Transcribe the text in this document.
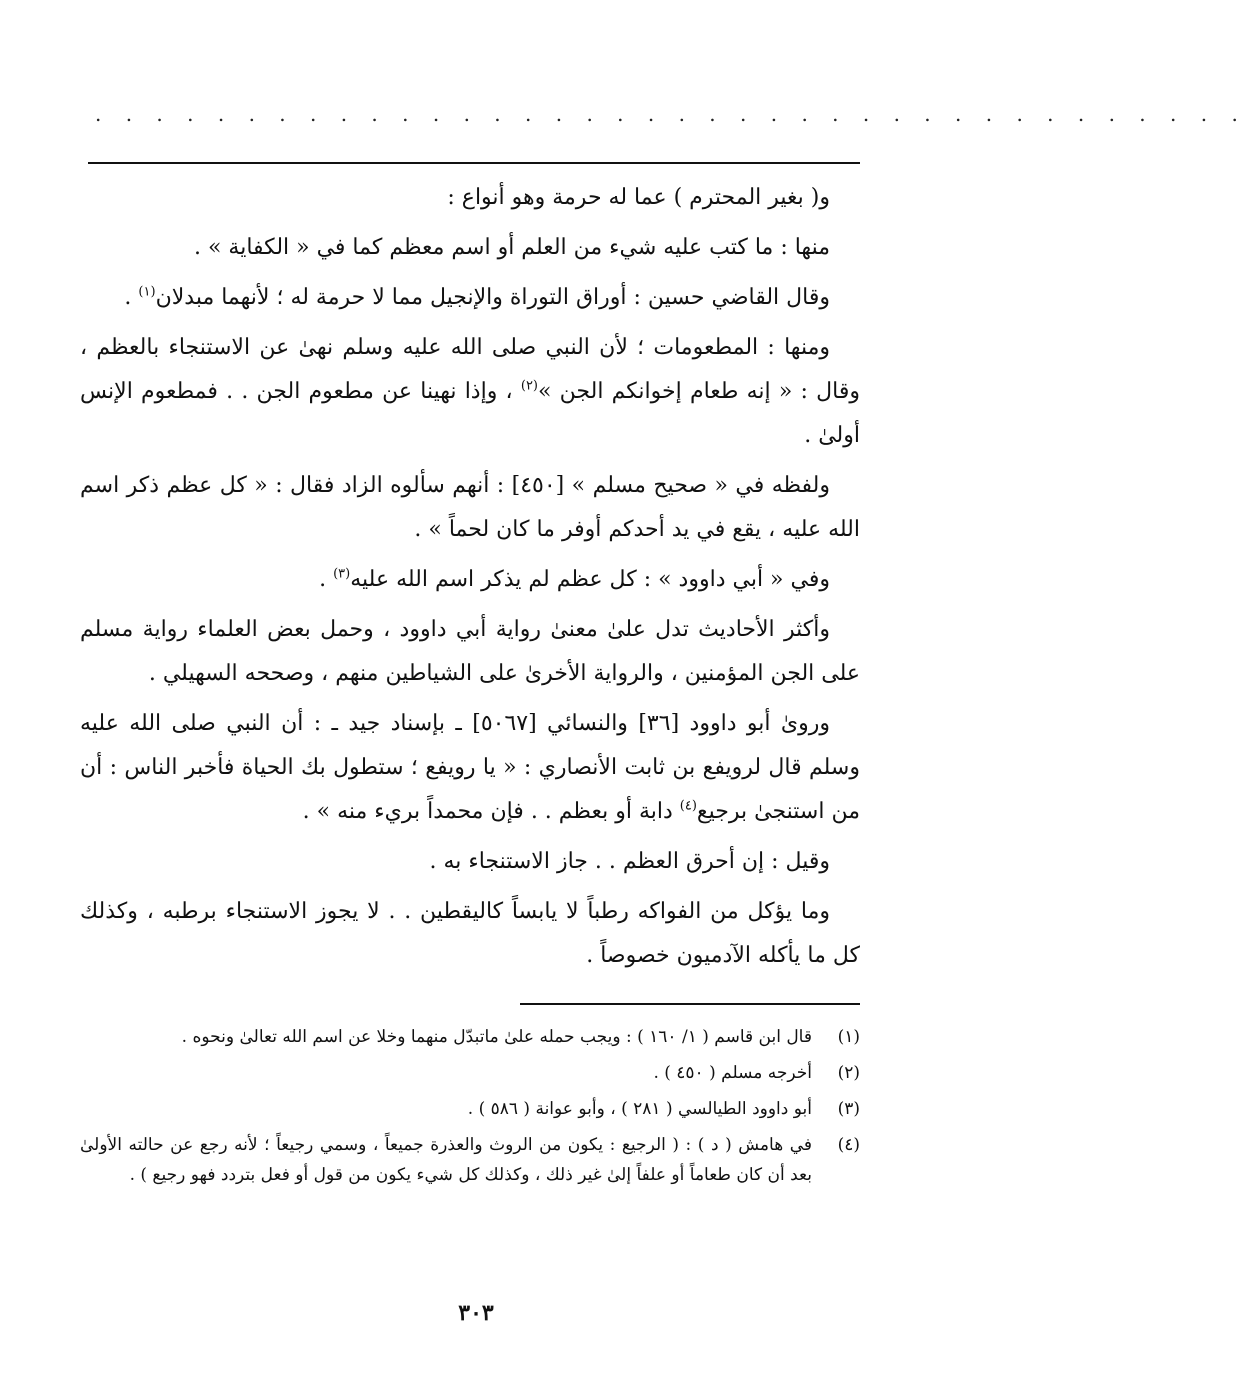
. . . . . . . . . . . . . . . . . . . . . . . . . . . . . . . . . . . . . .

و( بغير المحترم ) عما له حرمة وهو أنواع :

منها : ما كتب عليه شيء من العلم أو اسم معظم كما في « الكفاية » .

وقال القاضي حسين : أوراق التوراة والإنجيل مما لا حرمة له ؛ لأنهما مبدلان$^{(١)}$ .

ومنها : المطعومات ؛ لأن النبي صلى الله عليه وسلم نهىٰ عن الاستنجاء بالعظم ، وقال : « إنه طعام إخوانكم الجن »$^{(٢)}$ ، وإذا نهينا عن مطعوم الجن . . فمطعوم الإنس أولىٰ .

ولفظه في « صحيح مسلم » [٤٥٠] : أنهم سألوه الزاد فقال : « كل عظم ذكر اسم الله عليه ، يقع في يد أحدكم أوفر ما كان لحماً » .

وفي « أبي داوود » : كل عظم لم يذكر اسم الله عليه$^{(٣)}$ .

وأكثر الأحاديث تدل علىٰ معنىٰ رواية أبي داوود ، وحمل بعض العلماء رواية مسلم على الجن المؤمنين ، والرواية الأخرىٰ على الشياطين منهم ، وصححه السهيلي .

وروىٰ أبو داوود [٣٦] والنسائي [٥٠٦٧] ـ بإسناد جيد ـ : أن النبي صلى الله عليه وسلم قال لرويفع بن ثابت الأنصاري : « يا رويفع ؛ ستطول بك الحياة فأخبر الناس : أن من استنجىٰ برجيع$^{(٤)}$ دابة أو بعظم . . فإن محمداً بريء منه » .

وقيل : إن أحرق العظم . . جاز الاستنجاء به .

وما يؤكل من الفواكه رطباً لا يابساً كاليقطين . . لا يجوز الاستنجاء برطبه ، وكذلك كل ما يأكله الآدميون خصوصاً .

(١)
قال ابن قاسم ( ١/ ١٦٠ ) : ويجب حمله علىٰ ماتبدّل منهما وخلا عن اسم الله تعالىٰ ونحوه .
(٢)
أخرجه مسلم ( ٤٥٠ ) .
(٣)
أبو داوود الطيالسي ( ٢٨١ ) ، وأبو عوانة ( ٥٨٦ ) .
(٤)
في هامش ( د ) : ( الرجيع : يكون من الروث والعذرة جميعاً ، وسمي رجيعاً ؛ لأنه رجع عن حالته الأولىٰ بعد أن كان طعاماً أو علفاً إلىٰ غير ذلك ، وكذلك كل شيء يكون من قول أو فعل بتردد فهو رجيع ) .
٣٠٣
